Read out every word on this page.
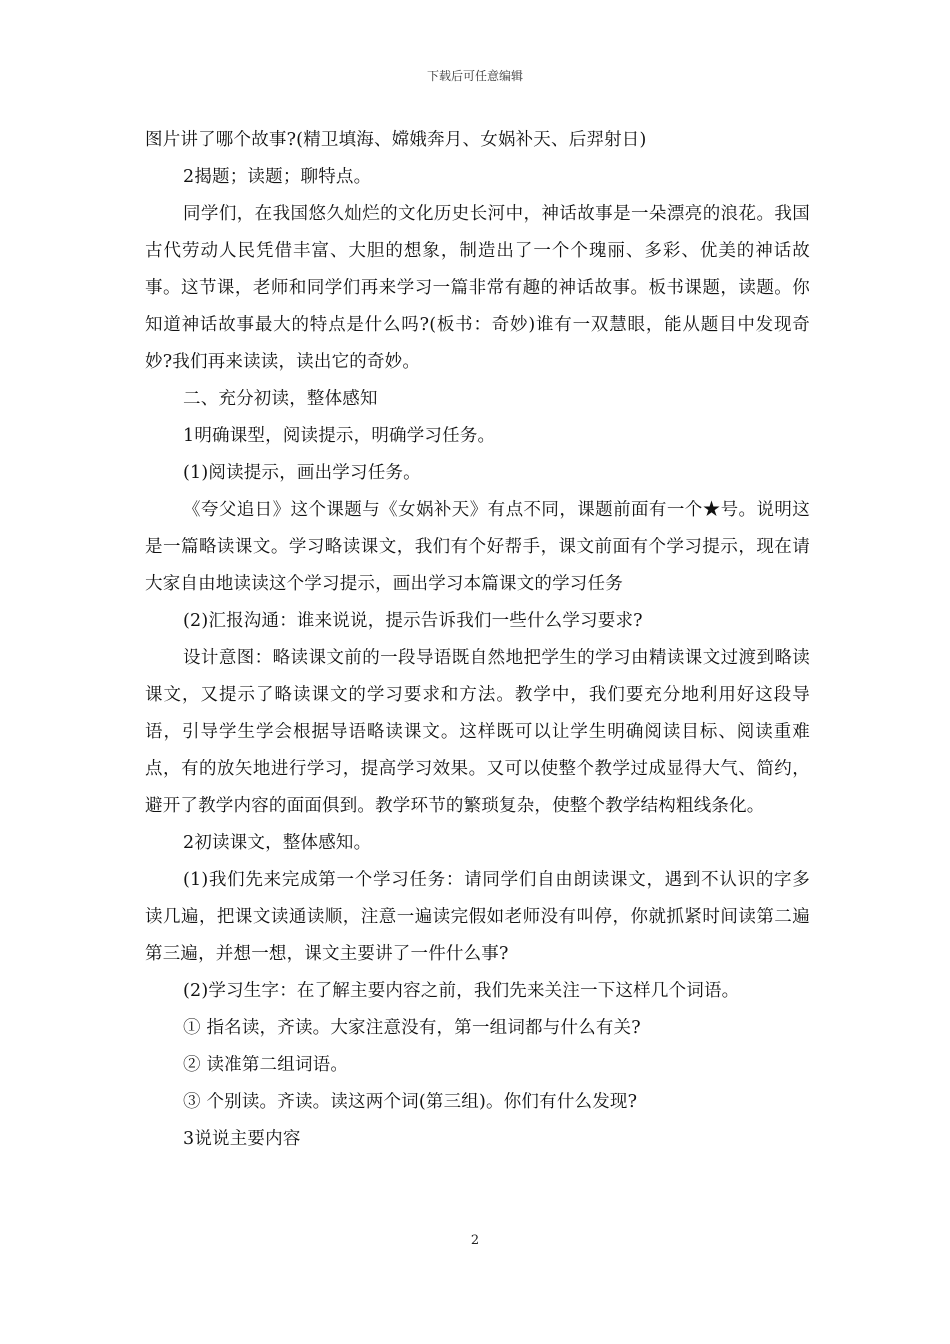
下载后可任意编辑

图片讲了哪个故事?(精卫填海、嫦娥奔月、女娲补天、后羿射日)

2揭题；读题；聊特点。

同学们，在我国悠久灿烂的文化历史长河中，神话故事是一朵漂亮的浪花。我国古代劳动人民凭借丰富、大胆的想象，制造出了一个个瑰丽、多彩、优美的神话故事。这节课，老师和同学们再来学习一篇非常有趣的神话故事。板书课题，读题。你知道神话故事最大的特点是什么吗?(板书：奇妙)谁有一双慧眼，能从题目中发现奇妙?我们再来读读，读出它的奇妙。

二、充分初读，整体感知

1明确课型，阅读提示，明确学习任务。

(1)阅读提示，画出学习任务。

《夸父追日》这个课题与《女娲补天》有点不同，课题前面有一个★号。说明这是一篇略读课文。学习略读课文，我们有个好帮手，课文前面有个学习提示，现在请大家自由地读读这个学习提示，画出学习本篇课文的学习任务

(2)汇报沟通：谁来说说，提示告诉我们一些什么学习要求?

设计意图：略读课文前的一段导语既自然地把学生的学习由精读课文过渡到略读课文，又提示了略读课文的学习要求和方法。教学中，我们要充分地利用好这段导语，引导学生学会根据导语略读课文。这样既可以让学生明确阅读目标、阅读重难点，有的放矢地进行学习，提高学习效果。又可以使整个教学过成显得大气、简约，避开了教学内容的面面俱到。教学环节的繁琐复杂，使整个教学结构粗线条化。

2初读课文，整体感知。

(1)我们先来完成第一个学习任务：请同学们自由朗读课文，遇到不认识的字多读几遍，把课文读通读顺，注意一遍读完假如老师没有叫停，你就抓紧时间读第二遍第三遍，并想一想，课文主要讲了一件什么事?

(2)学习生字：在了解主要内容之前，我们先来关注一下这样几个词语。

① 指名读，齐读。大家注意没有，第一组词都与什么有关?

② 读准第二组词语。

③ 个别读。齐读。读这两个词(第三组)。你们有什么发现?

3说说主要内容

2
